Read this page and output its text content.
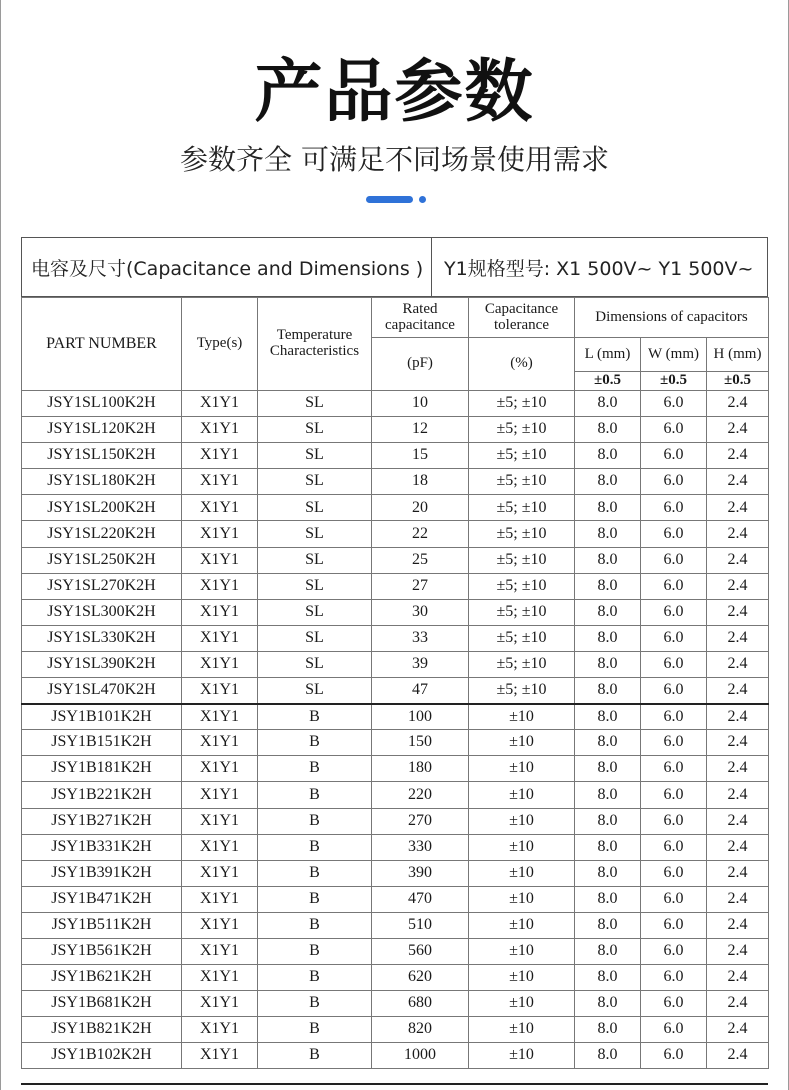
产品参数
参数齐全 可满足不同场景使用需求
电容及尺寸(Capacitance and Dimensions )	Y1规格型号: X1 500V~ Y1 500V~
PART NUMBER	Type(s)	Temperature Characteristics	Rated capacitance	Capacitance tolerance	Dimensions of capacitors		
			(pF)	(%)	L (mm)	W (mm)	H (mm)
					±0.5	±0.5	±0.5
JSY1SL100K2H	X1Y1	SL	10	±5; ±10	8.0	6.0	2.4
JSY1SL120K2H	X1Y1	SL	12	±5; ±10	8.0	6.0	2.4
JSY1SL150K2H	X1Y1	SL	15	±5; ±10	8.0	6.0	2.4
JSY1SL180K2H	X1Y1	SL	18	±5; ±10	8.0	6.0	2.4
JSY1SL200K2H	X1Y1	SL	20	±5; ±10	8.0	6.0	2.4
JSY1SL220K2H	X1Y1	SL	22	±5; ±10	8.0	6.0	2.4
JSY1SL250K2H	X1Y1	SL	25	±5; ±10	8.0	6.0	2.4
JSY1SL270K2H	X1Y1	SL	27	±5; ±10	8.0	6.0	2.4
JSY1SL300K2H	X1Y1	SL	30	±5; ±10	8.0	6.0	2.4
JSY1SL330K2H	X1Y1	SL	33	±5; ±10	8.0	6.0	2.4
JSY1SL390K2H	X1Y1	SL	39	±5; ±10	8.0	6.0	2.4
JSY1SL470K2H	X1Y1	SL	47	±5; ±10	8.0	6.0	2.4
JSY1B101K2H	X1Y1	B	100	±10	8.0	6.0	2.4
JSY1B151K2H	X1Y1	B	150	±10	8.0	6.0	2.4
JSY1B181K2H	X1Y1	B	180	±10	8.0	6.0	2.4
JSY1B221K2H	X1Y1	B	220	±10	8.0	6.0	2.4
JSY1B271K2H	X1Y1	B	270	±10	8.0	6.0	2.4
JSY1B331K2H	X1Y1	B	330	±10	8.0	6.0	2.4
JSY1B391K2H	X1Y1	B	390	±10	8.0	6.0	2.4
JSY1B471K2H	X1Y1	B	470	±10	8.0	6.0	2.4
JSY1B511K2H	X1Y1	B	510	±10	8.0	6.0	2.4
JSY1B561K2H	X1Y1	B	560	±10	8.0	6.0	2.4
JSY1B621K2H	X1Y1	B	620	±10	8.0	6.0	2.4
JSY1B681K2H	X1Y1	B	680	±10	8.0	6.0	2.4
JSY1B821K2H	X1Y1	B	820	±10	8.0	6.0	2.4
JSY1B102K2H	X1Y1	B	1000	±10	8.0	6.0	2.4
